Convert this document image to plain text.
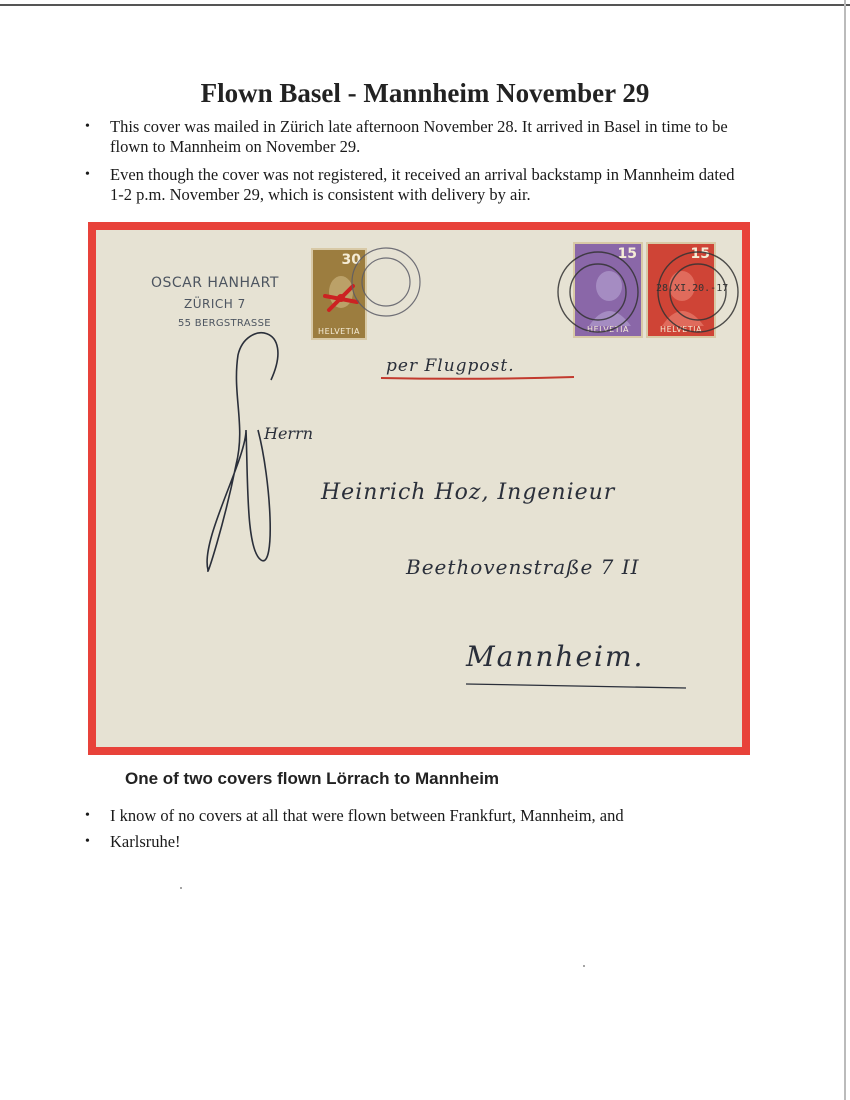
Flown Basel - Mannheim November 29
• This cover was mailed in Zürich late afternoon November 28. It arrived in Basel in time to be flown to Mannheim on November 29.
• Even though the cover was not registered, it received an arrival backstamp in Mannheim dated 1-2 p.m. November 29, which is consistent with delivery by air.
OSCAR HANHART
ZÜRICH 7
55 BERGSTRASSE
30
HELVETIA
15
HELVETIA
15
HELVETIA
28.XI.20.-17
per Flugpost.
Herrn
Heinrich Hoz, Ingenieur
Beethovenstraße 7 II
Mannheim.
One of two covers flown Lörrach to Mannheim
• I know of no covers at all that were flown between Frankfurt, Mannheim, and
• Karlsruhe!
